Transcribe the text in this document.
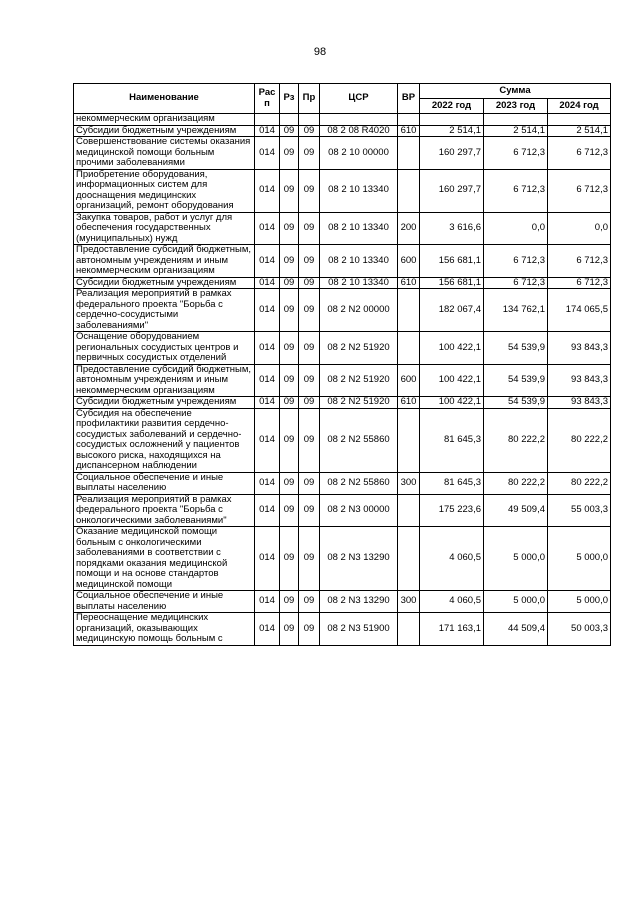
98
Наименование	Рас п	Рз	Пр	ЦСР	ВР	Сумма		
						2022 год	2023 год	2024 год
некоммерческим организациям								
Субсидии бюджетным учреждениям	014	09	09	08 2 08 R4020	610	2 514,1	2 514,1	2 514,1
Совершенствование системы оказания медицинской помощи больным прочими заболеваниями	014	09	09	08 2 10 00000		160 297,7	6 712,3	6 712,3
Приобретение оборудования, информационных систем для дооснащения медицинских организаций, ремонт оборудования	014	09	09	08 2 10 13340		160 297,7	6 712,3	6 712,3
Закупка товаров, работ и услуг для обеспечения государственных (муниципальных) нужд	014	09	09	08 2 10 13340	200	3 616,6	0,0	0,0
Предоставление субсидий бюджетным, автономным учреждениям и иным некоммерческим организациям	014	09	09	08 2 10 13340	600	156 681,1	6 712,3	6 712,3
Субсидии бюджетным учреждениям	014	09	09	08 2 10 13340	610	156 681,1	6 712,3	6 712,3
Реализация мероприятий в рамках федерального проекта "Борьба с сердечно-сосудистыми заболеваниями"	014	09	09	08 2 N2 00000		182 067,4	134 762,1	174 065,5
Оснащение оборудованием региональных сосудистых центров и первичных сосудистых отделений	014	09	09	08 2 N2 51920		100 422,1	54 539,9	93 843,3
Предоставление субсидий бюджетным, автономным учреждениям и иным некоммерческим организациям	014	09	09	08 2 N2 51920	600	100 422,1	54 539,9	93 843,3
Субсидии бюджетным учреждениям	014	09	09	08 2 N2 51920	610	100 422,1	54 539,9	93 843,3
Субсидия на обеспечение профилактики развития сердечно-сосудистых заболеваний и сердечно-сосудистых осложнений у пациентов высокого риска, находящихся на диспансерном наблюдении	014	09	09	08 2 N2 55860		81 645,3	80 222,2	80 222,2
Социальное обеспечение и иные выплаты населению	014	09	09	08 2 N2 55860	300	81 645,3	80 222,2	80 222,2
Реализация мероприятий в рамках федерального проекта "Борьба с онкологическими заболеваниями"	014	09	09	08 2 N3 00000		175 223,6	49 509,4	55 003,3
Оказание медицинской помощи больным с онкологическими заболеваниями в соответствии с порядками оказания медицинской помощи и на основе стандартов медицинской помощи	014	09	09	08 2 N3 13290		4 060,5	5 000,0	5 000,0
Социальное обеспечение и иные выплаты населению	014	09	09	08 2 N3 13290	300	4 060,5	5 000,0	5 000,0
Переоснащение медицинских организаций, оказывающих медицинскую помощь больным с	014	09	09	08 2 N3 51900		171 163,1	44 509,4	50 003,3
